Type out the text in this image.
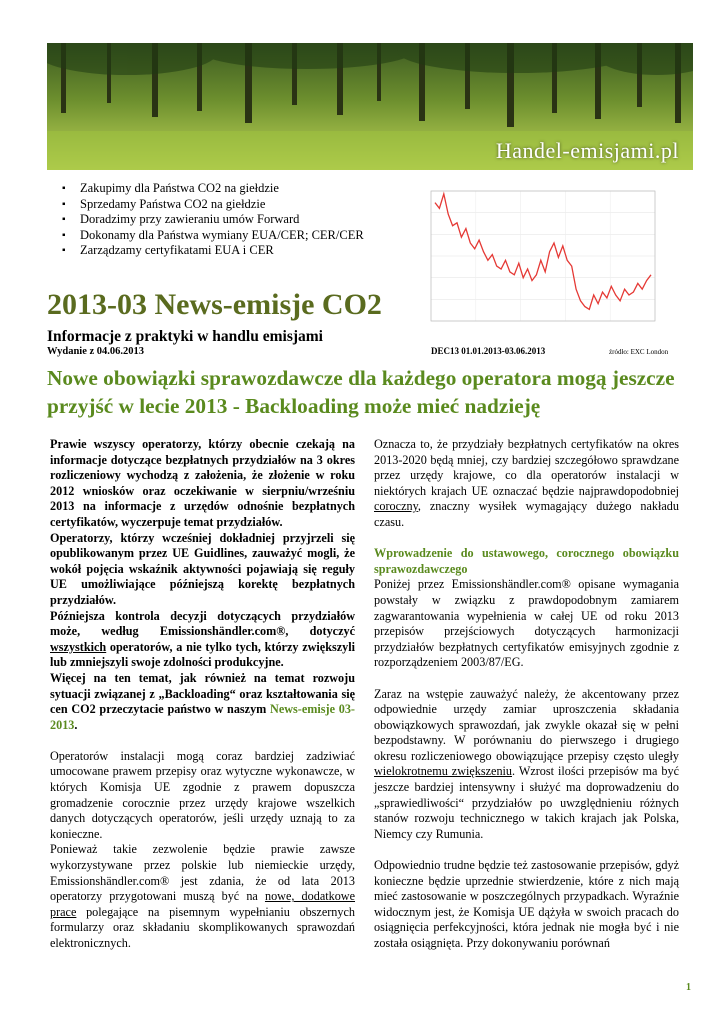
Handel-emisjami.pl
▪ Zakupimy dla Państwa CO2 na giełdzie
▪ Sprzedamy Państwa CO2 na giełdzie
▪ Doradzimy przy zawieraniu umów Forward
▪ Dokonamy dla Państwa wymiany EUA/CER; CER/CER
▪ Zarządzamy certyfikatami EUA i CER
2013-03 News-emisje CO2
Informacje z praktyki w handlu emisjami
Wydanie z 04.06.2013	DEC13 01.01.2013-03.06.2013	źródło: EXC London
Nowe obowiązki sprawozdawcze dla każdego operatora mogą jeszcze przyjść w lecie 2013 - Backloading może mieć nadzieję

Prawie wszyscy operatorzy, którzy obecnie czekają na informacje dotyczące bezpłatnych przydziałów na 3 okres rozliczeniowy wychodzą z założenia, że złożenie w roku 2012 wniosków oraz oczekiwanie w sierpniu/wrześniu 2013 na informacje z urzędów odnośnie bezpłatnych certyfikatów, wyczerpuje temat przydziałów.

Operatorzy, którzy wcześniej dokładniej przyjrzeli się opublikowanym przez UE Guidlines, zauważyć mogli, że wokół pojęcia wskaźnik aktywności pojawiają się reguły UE umożliwiające późniejszą korektę bezpłatnych przydziałów.

Późniejsza kontrola decyzji dotyczących przydziałów może, według Emissionshändler.com®, dotyczyć wszystkich operatorów, a nie tylko tych, którzy zwiększyli lub zmniejszyli swoje zdolności produkcyjne.

Więcej na ten temat, jak również na temat rozwoju sytuacji związanej z „Backloading“ oraz kształtowania się cen CO2 przeczytacie państwo w naszym News-emisje 03-2013.

Operatorów instalacji mogą coraz bardziej zadziwiać umocowane prawem przepisy oraz wytyczne wykonawcze, w których Komisja UE zgodnie z prawem dopuszcza gromadzenie corocznie przez urzędy krajowe wszelkich danych dotyczących operatorów, jeśli urzędy uznają to za konieczne.

Ponieważ takie zezwolenie będzie prawie zawsze wykorzystywane przez polskie lub niemieckie urzędy, Emissionshändler.com® jest zdania, że od lata 2013 operatorzy przygotowani muszą być na nowe, dodatkowe prace polegające na pisemnym wypełnianiu obszernych formularzy oraz składaniu skomplikowanych sprawozdań elektronicznych.

Oznacza to, że przydziały bezpłatnych certyfikatów na okres 2013-2020 będą mniej, czy bardziej szczegółowo sprawdzane przez urzędy krajowe, co dla operatorów instalacji w niektórych krajach UE oznaczać będzie najprawdopodobniej coroczny, znaczny wysiłek wymagający dużego nakładu czasu.

Wprowadzenie do ustawowego, corocznego obowiązku sprawozdawczego

Poniżej przez Emissionshändler.com® opisane wymagania powstały w związku z prawdopodobnym zamiarem zagwarantowania wypełnienia w całej UE od roku 2013 przepisów przejściowych dotyczących harmonizacji przydziałów bezpłatnych certyfikatów emisyjnych zgodnie z rozporządzeniem 2003/87/EG.

Zaraz na wstępie zauważyć należy, że akcentowany przez odpowiednie urzędy zamiar uproszczenia składania obowiązkowych sprawozdań, jak zwykle okazał się w pełni bezpodstawny. W porównaniu do pierwszego i drugiego okresu rozliczeniowego obowiązujące przepisy często uległy wielokrotnemu zwiększeniu. Wzrost ilości przepisów ma być jeszcze bardziej intensywny i służyć ma doprowadzeniu do „sprawiedliwości“ przydziałów po uwzględnieniu różnych stanów rozwoju technicznego w takich krajach jak Polska, Niemcy czy Rumunia.

Odpowiednio trudne będzie też zastosowanie przepisów, gdyż konieczne będzie uprzednie stwierdzenie, które z nich mają mieć zastosowanie w poszczególnych przypadkach. Wyraźnie widocznym jest, że Komisja UE dążyła w swoich pracach do osiągnięcia perfekcyjności, która jednak nie mogła być i nie została osiągnięta. Przy dokonywaniu porównań

1
